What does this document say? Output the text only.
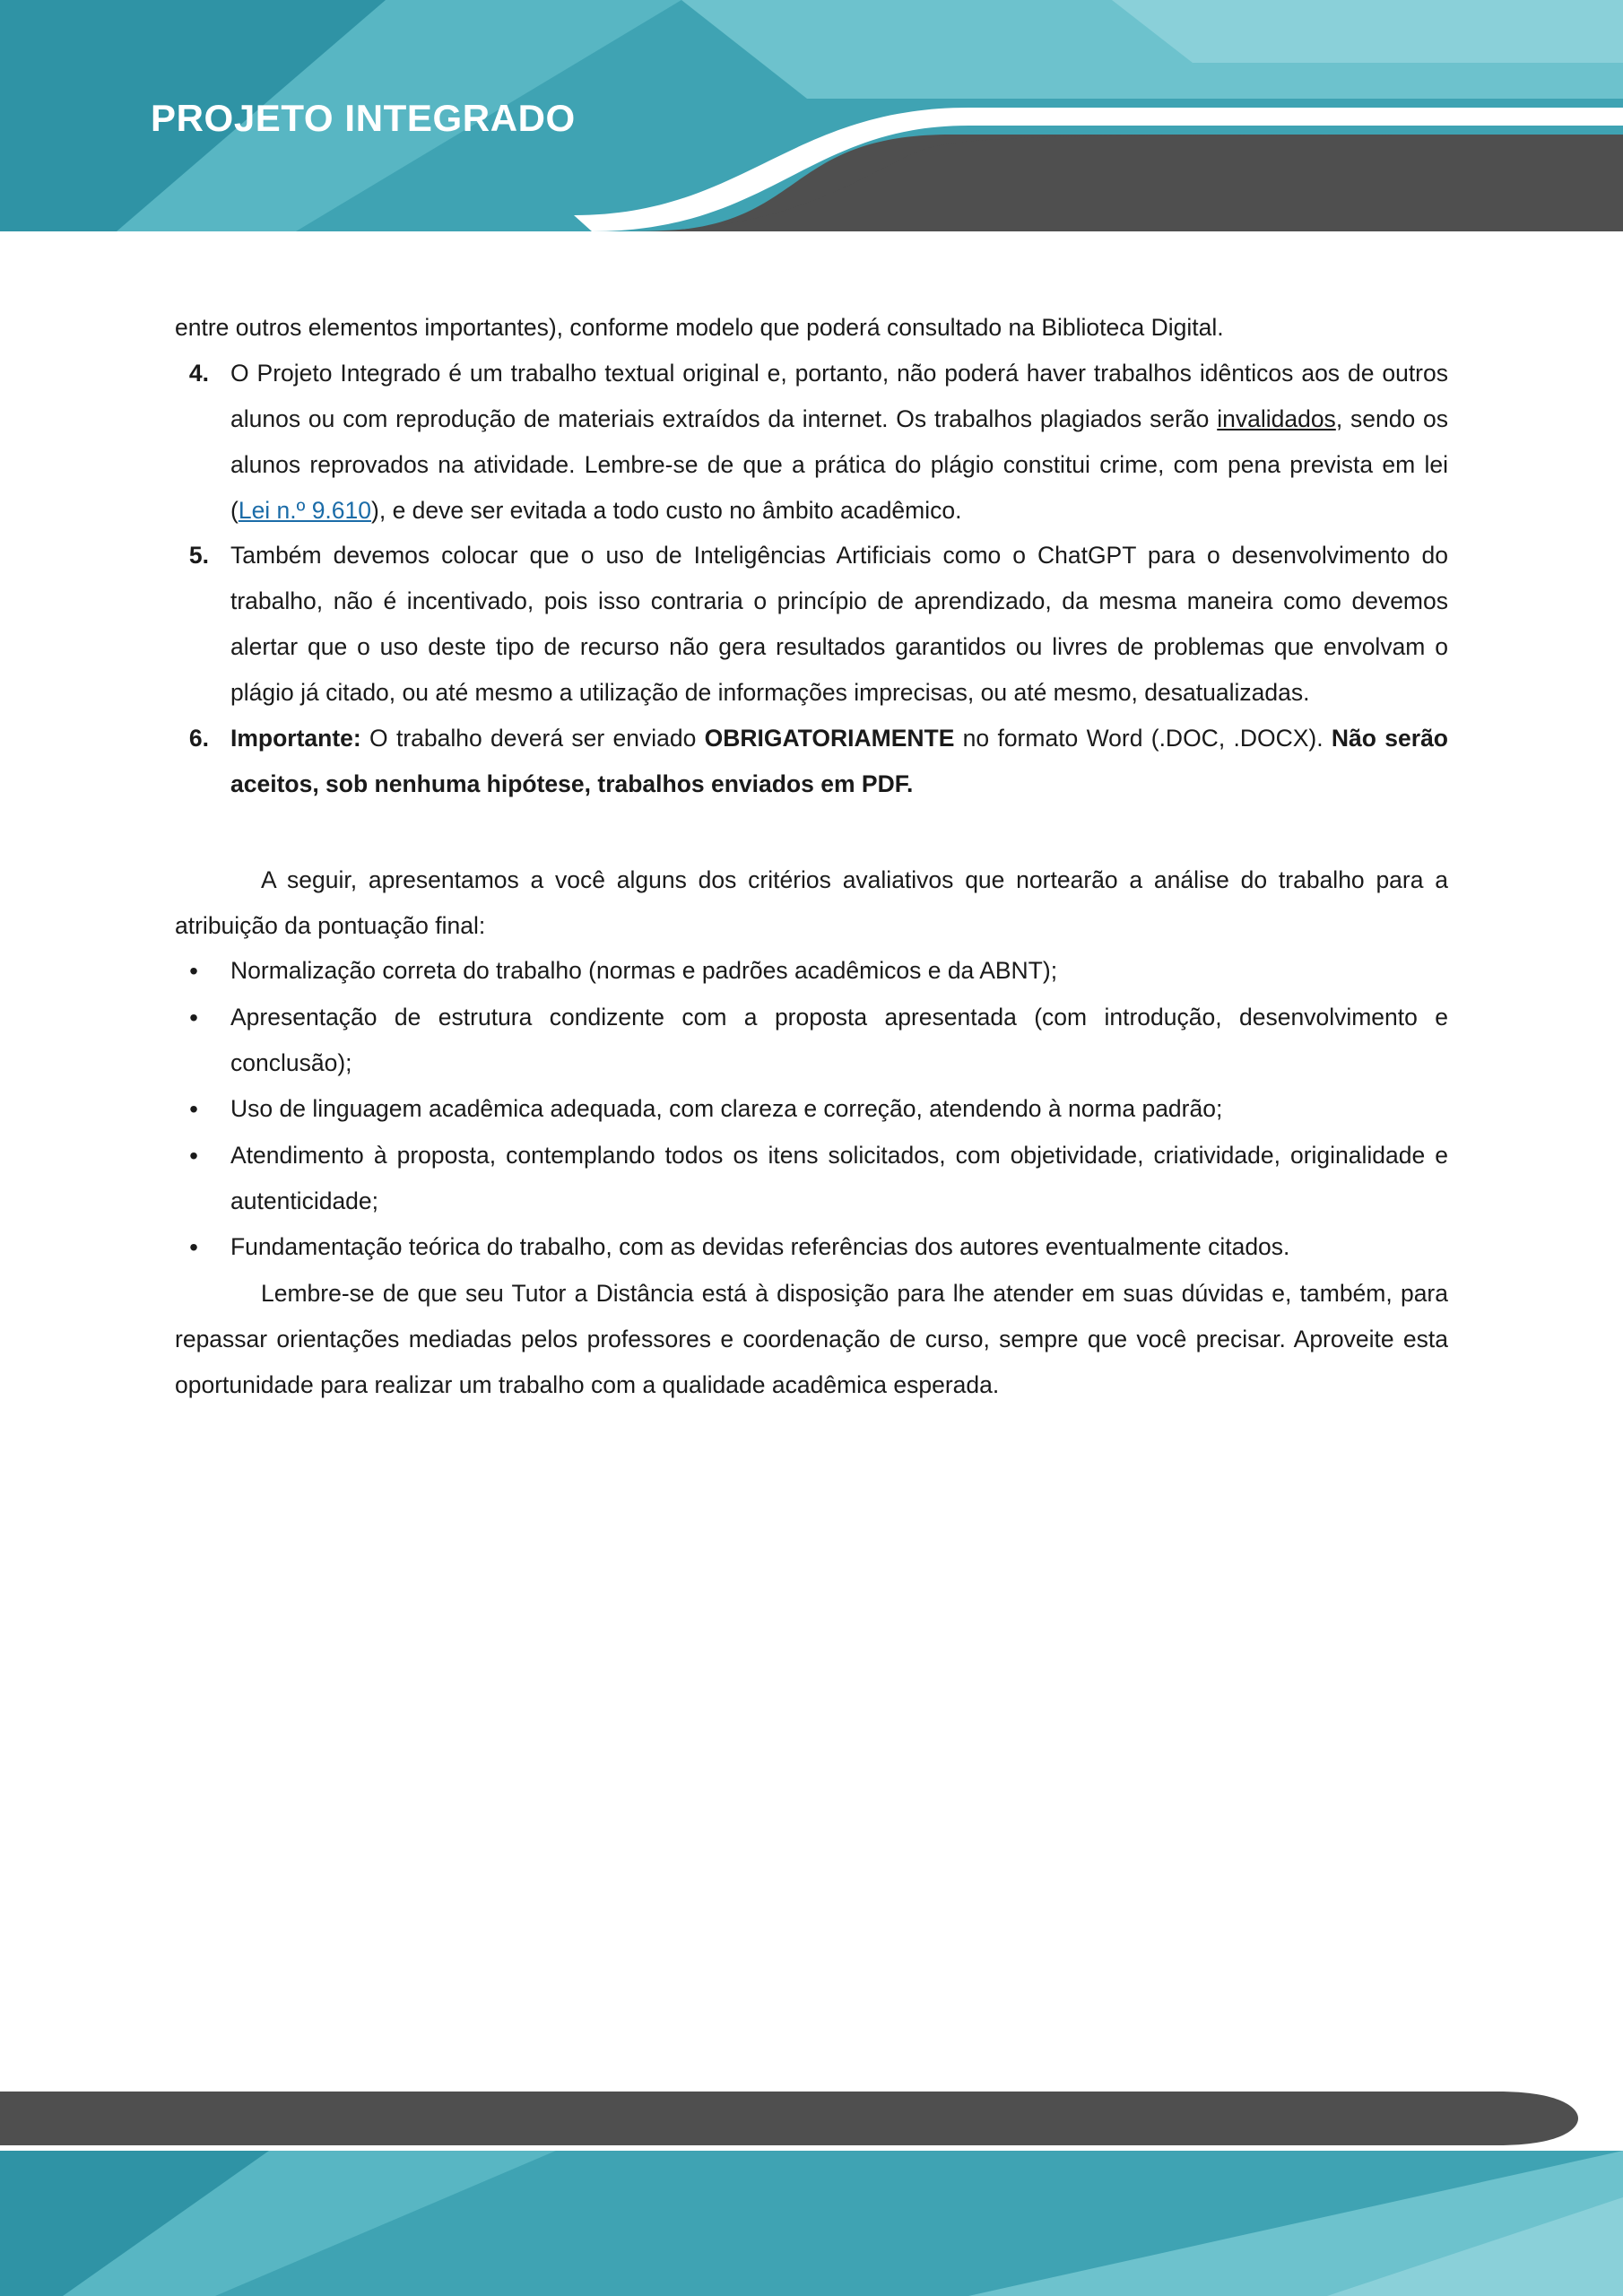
PROJETO INTEGRADO

entre outros elementos importantes), conforme modelo que poderá consultado na Biblioteca Digital.

4. O Projeto Integrado é um trabalho textual original e, portanto, não poderá haver trabalhos idênticos aos de outros alunos ou com reprodução de materiais extraídos da internet. Os trabalhos plagiados serão invalidados, sendo os alunos reprovados na atividade. Lembre-se de que a prática do plágio constitui crime, com pena prevista em lei (Lei n.º 9.610), e deve ser evitada a todo custo no âmbito acadêmico.
5. Também devemos colocar que o uso de Inteligências Artificiais como o ChatGPT para o desenvolvimento do trabalho, não é incentivado, pois isso contraria o princípio de aprendizado, da mesma maneira como devemos alertar que o uso deste tipo de recurso não gera resultados garantidos ou livres de problemas que envolvam o plágio já citado, ou até mesmo a utilização de informações imprecisas, ou até mesmo, desatualizadas.
6. Importante: O trabalho deverá ser enviado OBRIGATORIAMENTE no formato Word (.DOC, .DOCX). Não serão aceitos, sob nenhuma hipótese, trabalhos enviados em PDF.

A seguir, apresentamos a você alguns dos critérios avaliativos que nortearão a análise do trabalho para a atribuição da pontuação final:

•	Normalização correta do trabalho (normas e padrões acadêmicos e da ABNT);
•	Apresentação de estrutura condizente com a proposta apresentada (com introdução, desenvolvimento e conclusão);
•	Uso de linguagem acadêmica adequada, com clareza e correção, atendendo à norma padrão;
•	Atendimento à proposta, contemplando todos os itens solicitados, com objetividade, criatividade, originalidade e autenticidade;
•	Fundamentação teórica do trabalho, com as devidas referências dos autores eventualmente citados.

Lembre-se de que seu Tutor a Distância está à disposição para lhe atender em suas dúvidas e, também, para repassar orientações mediadas pelos professores e coordenação de curso, sempre que você precisar. Aproveite esta oportunidade para realizar um trabalho com a qualidade acadêmica esperada.
